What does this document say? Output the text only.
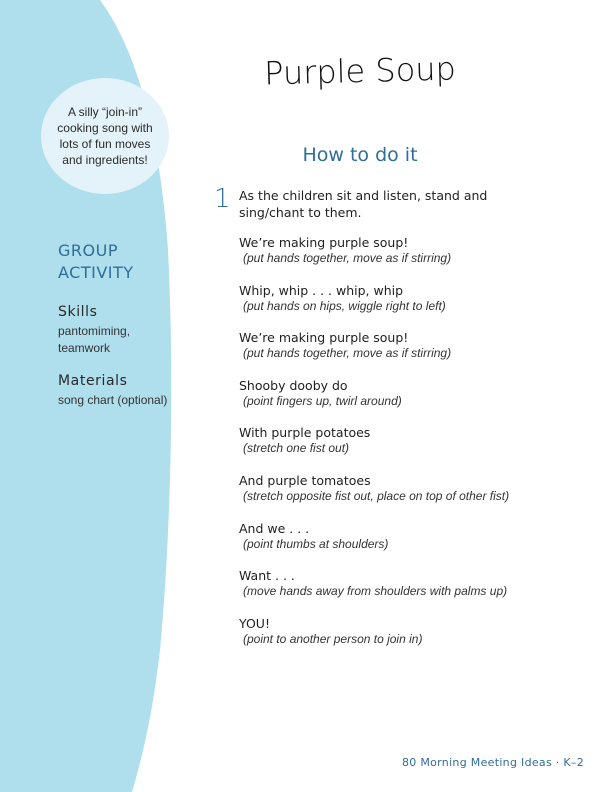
A silly “join-in” cooking song with lots of fun moves and ingredients!
GROUP ACTIVITY
Skills
pantomiming, teamwork
Materials
song chart (optional)
Purple Soup
How to do it
1 As the children sit and listen, stand and sing/chant to them.
We’re making purple soup!
(put hands together, move as if stirring)
Whip, whip . . . whip, whip
(put hands on hips, wiggle right to left)
We’re making purple soup!
(put hands together, move as if stirring)
Shooby dooby do
(point fingers up, twirl around)
With purple potatoes
(stretch one fist out)
And purple tomatoes
(stretch opposite fist out, place on top of other fist)
And we . . .
(point thumbs at shoulders)
Want . . .
(move hands away from shoulders with palms up)
YOU!
(point to another person to join in)
80 Morning Meeting Ideas · K–2
